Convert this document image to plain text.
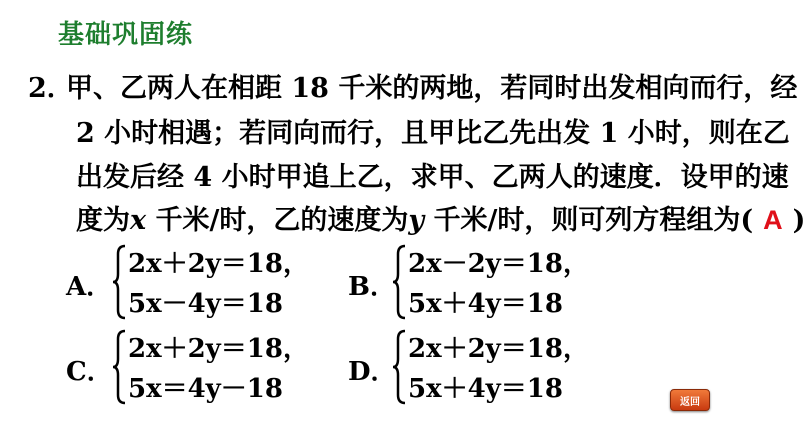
基础巩固练
2．
甲、乙两人在相距 18 千米的两地，若同时出发相向而行，经
2 小时相遇；若同向而行，且甲比乙先出发 1 小时，则在乙
出发后经 4 小时甲追上乙，求甲、乙两人的速度．设甲的速
度为x 千米/时，乙的速度为y 千米/时，则可列方程组为( A )
A．
2x＋2y＝18，
5x－4y＝18
B．
2x－2y＝18，
5x＋4y＝18
C．
2x＋2y＝18，
5x＝4y－18
D．
2x＋2y＝18，
5x＋4y＝18	返回
